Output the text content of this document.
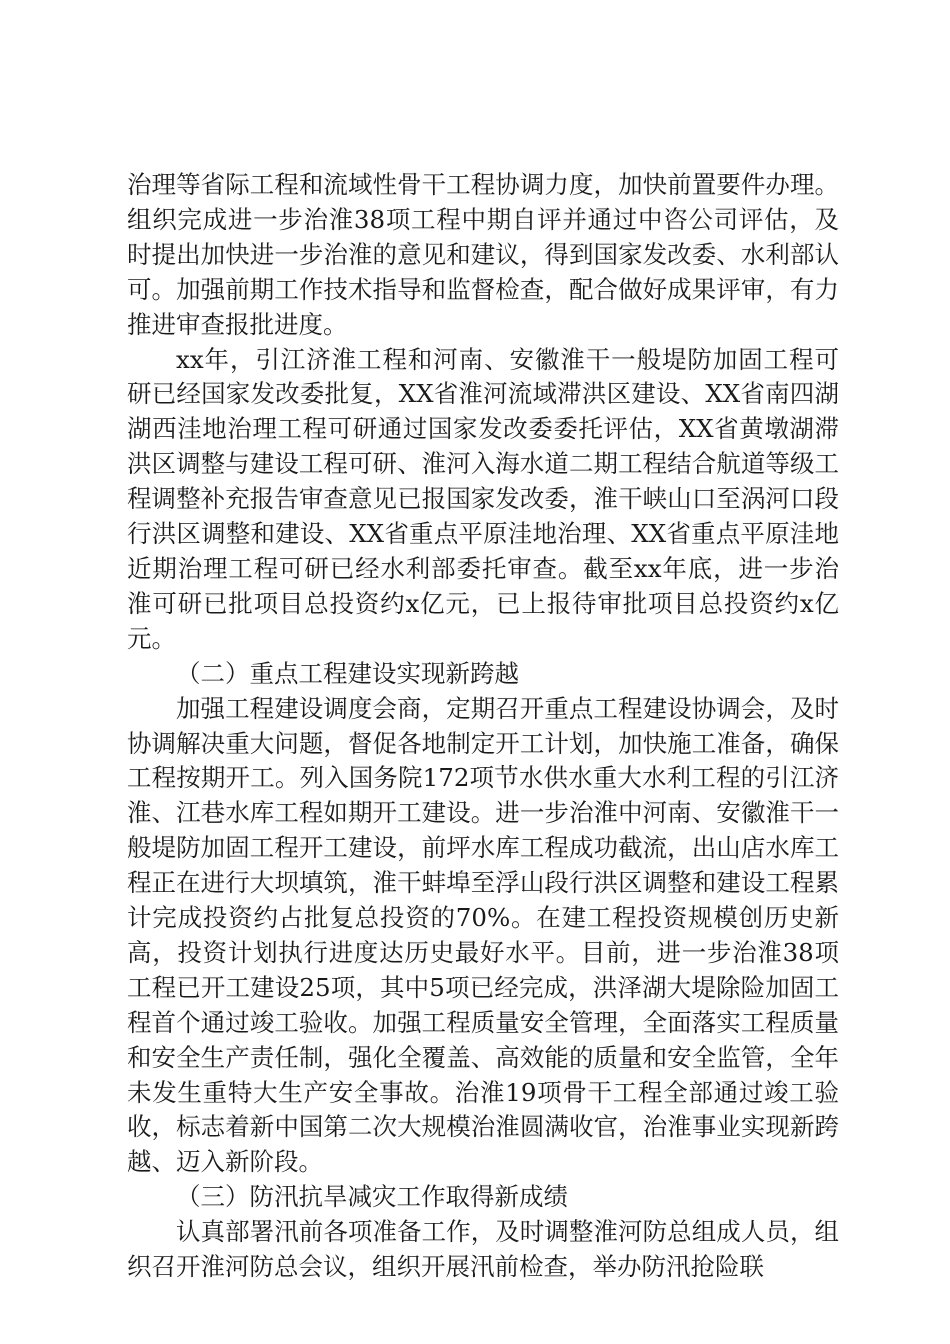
治理等省际工程和流域性骨干工程协调力度，加快前置要件办理。组织完成进一步治淮38项工程中期自评并通过中咨公司评估，及时提出加快进一步治淮的意见和建议，得到国家发改委、水利部认可。加强前期工作技术指导和监督检查，配合做好成果评审，有力推进审查报批进度。

xx年，引江济淮工程和河南、安徽淮干一般堤防加固工程可研已经国家发改委批复，XX省淮河流域滞洪区建设、XX省南四湖湖西洼地治理工程可研通过国家发改委委托评估，XX省黄墩湖滞洪区调整与建设工程可研、淮河入海水道二期工程结合航道等级工程调整补充报告审查意见已报国家发改委，淮干峡山口至涡河口段行洪区调整和建设、XX省重点平原洼地治理、XX省重点平原洼地近期治理工程可研已经水利部委托审查。截至xx年底，进一步治淮可研已批项目总投资约x亿元，已上报待审批项目总投资约x亿元。

（二）重点工程建设实现新跨越

加强工程建设调度会商，定期召开重点工程建设协调会，及时协调解决重大问题，督促各地制定开工计划，加快施工准备，确保工程按期开工。列入国务院172项节水供水重大水利工程的引江济淮、江巷水库工程如期开工建设。进一步治淮中河南、安徽淮干一般堤防加固工程开工建设，前坪水库工程成功截流，出山店水库工程正在进行大坝填筑，淮干蚌埠至浮山段行洪区调整和建设工程累计完成投资约占批复总投资的70%。在建工程投资规模创历史新高，投资计划执行进度达历史最好水平。目前，进一步治淮38项工程已开工建设25项，其中5项已经完成，洪泽湖大堤除险加固工程首个通过竣工验收。加强工程质量安全管理，全面落实工程质量和安全生产责任制，强化全覆盖、高效能的质量和安全监管，全年未发生重特大生产安全事故。治淮19项骨干工程全部通过竣工验收，标志着新中国第二次大规模治淮圆满收官，治淮事业实现新跨越、迈入新阶段。

（三）防汛抗旱减灾工作取得新成绩

认真部署汛前各项准备工作，及时调整淮河防总组成人员，组织召开淮河防总会议，组织开展汛前检查，举办防汛抢险联
